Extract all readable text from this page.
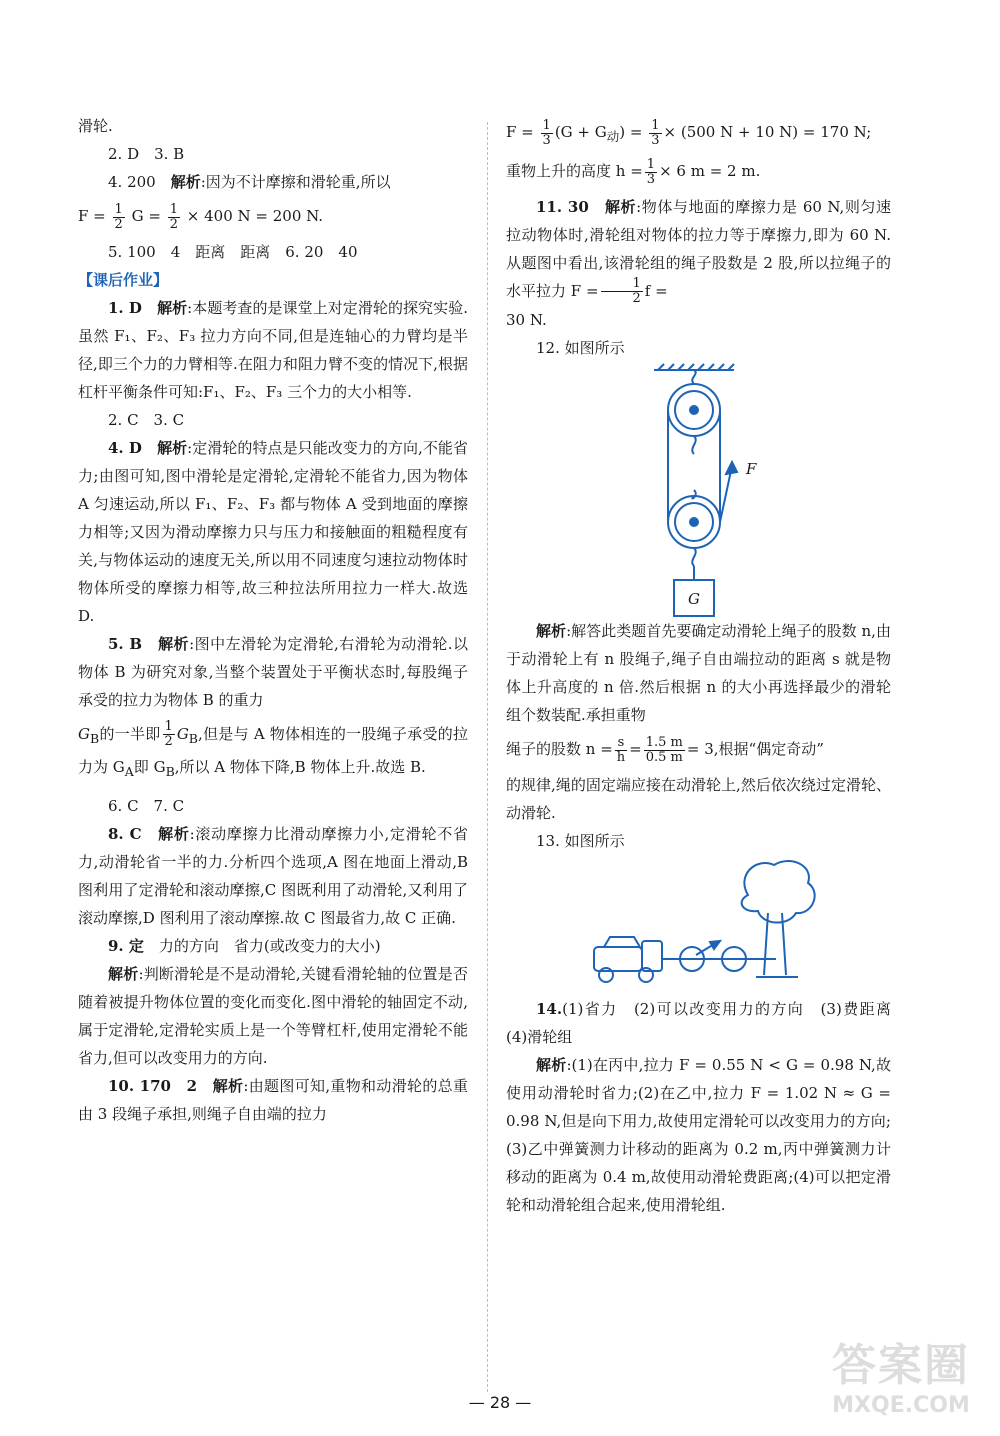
滑轮.

2. D　3. B

4. 200　 解析:因为不计摩擦和滑轮重,所以

$F = \frac{1}{2}$ $G = \frac{1}{2} \times 400$ N = 200 N.

5. 100　4　距离　距离　6. 20　40

【课后作业】

1. D　 解析:本题考查的是课堂上对定滑轮的探究实验.虽然 F₁、F₂、F₃ 拉力方向不同,但是连轴心的力臂均是半径,即三个力的力臂相等.在阻力和阻力臂不变的情况下,根据杠杆平衡条件可知:F₁、F₂、F₃ 三个力的大小相等.

2. C　3. C

4. D　 解析:定滑轮的特点是只能改变力的方向,不能省力;由图可知,图中滑轮是定滑轮,定滑轮不能省力,因为物体 A 匀速运动,所以 F₁、F₂、F₃ 都与物体 A 受到地面的摩擦力相等;又因为滑动摩擦力只与压力和接触面的粗糙程度有关,与物体运动的速度无关,所以用不同速度匀速拉动物体时物体所受的摩擦力相等,故三种拉法所用拉力一样大.故选 D.

5. B　 解析:图中左滑轮为定滑轮,右滑轮为动滑轮.以物体 B 为研究对象,当整个装置处于平衡状态时,每股绳子承受的拉力为物体 B 的重力

$G_B$的一半即 $\frac{1}{2} G_B$,但是与 A 物体相连的一股绳子承受的拉力为 $G_A$即 $G_B$,所以 A 物体下降,B 物体上升.故选 B.

6. C　7. C

8. C　 解析:滚动摩擦力比滑动摩擦力小,定滑轮不省力,动滑轮省一半的力.分析四个选项,A 图在地面上滑动,B 图利用了定滑轮和滚动摩擦,C 图既利用了动滑轮,又利用了滚动摩擦,D 图利用了滚动摩擦.故 C 图最省力,故 C 正确.

9. 定　力的方向　省力(或改变力的大小)

解析:判断滑轮是不是动滑轮,关键看滑轮轴的位置是否随着被提升物体位置的变化而变化.图中滑轮的轴固定不动,属于定滑轮,定滑轮实质上是一个等臂杠杆,使用定滑轮不能省力,但可以改变用力的方向.

10. 170　2　 解析:由题图可知,重物和动滑轮的总重由 3 段绳子承担,则绳子自由端的拉力

$F = \frac{1}{3} (G + G_动) = \frac{1}{3} \times (500$ N + 10 N) = 170 N;

重物上升的高度 $h = \frac{1}{3} \times 6$ m = 2 m.

11. 30　 解析:物体与地面的摩擦力是 60 N,则匀速拉动物体时,滑轮组对物体的拉力等于摩擦力,即为 60 N.从题图中看出,该滑轮组的绳子股数是 2 股,所以拉绳子的水平拉力 $F = \frac{1}{2}$ f =

30 N.

12. 如图所示

F
G

解析:解答此类题首先要确定动滑轮上绳子的股数 n,由于动滑轮上有 n 股绳子,绳子自由端拉动的距离 s 就是物体上升高度的 n 倍.然后根据 n 的大小再选择最少的滑轮组个数装配.承担重物

绳子的股数 $n = \frac{s}{h} = \frac{1.5 m}{0.5 m} = 3$,根据“偶定奇动”

的规律,绳的固定端应接在动滑轮上,然后依次绕过定滑轮、动滑轮.

13. 如图所示

14.(1)省力　(2)可以改变用力的方向　(3)费距离　(4)滑轮组

解析:(1)在丙中,拉力 F = 0.55 N < G = 0.98 N,故使用动滑轮时省力;(2)在乙中,拉力 F = 1.02 N ≈ G = 0.98 N,但是向下用力,故使用定滑轮可以改变用力的方向;(3)乙中弹簧测力计移动的距离为 0.2 m,丙中弹簧测力计移动的距离为 0.4 m,故使用动滑轮费距离;(4)可以把定滑轮和动滑轮组合起来,使用滑轮组.

— 28 —
答案圈
MXQE.COM
